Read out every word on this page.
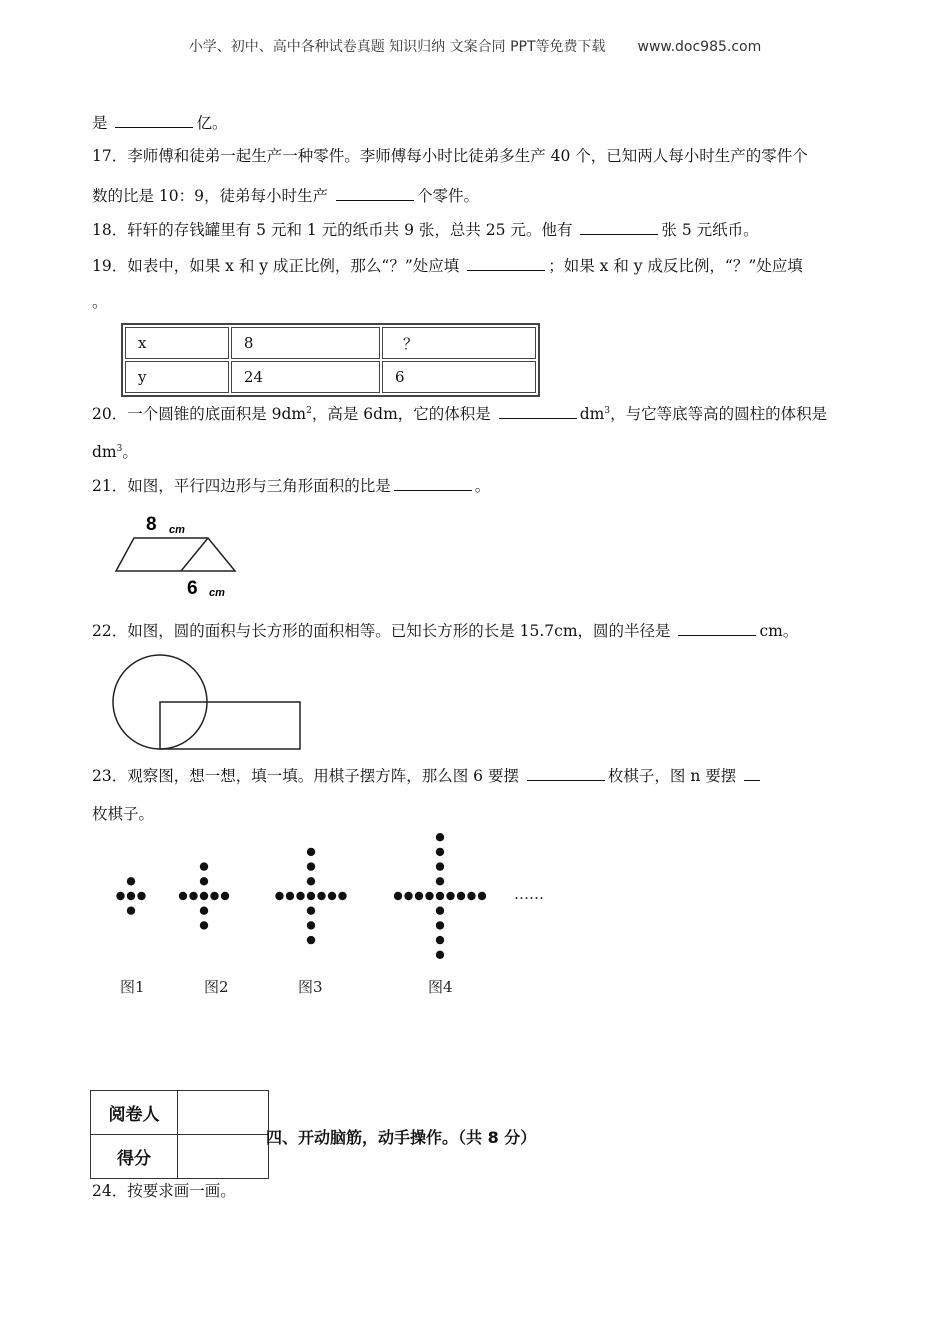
小学、初中、高中各种试卷真题 知识归纳 文案合同 PPT等免费下载 www.doc985.com
是	亿。
17．李师傅和徒弟一起生产一种零件。李师傅每小时比徒弟多生产 40 个，已知两人每小时生产的零件个
数的比是 10：9，徒弟每小时生产	个零件。
18．轩轩的存钱罐里有 5 元和 1 元的纸币共 9 张，总共 25 元。他有	张 5 元纸币。
19．如表中，如果 x 和 y 成正比例，那么“？”处应填	；如果 x 和 y 成反比例，“？”处应填
。
x	8	？
y	24	6
20．一个圆锥的底面积是 $9dm^2$，高是 6dm，它的体积是	$dm^3$，与它等底等高的圆柱的体积是
$dm^3$。
21．如图，平行四边形与三角形面积的比是	。
8 cm
6 cm
22．如图，圆的面积与长方形的面积相等。已知长方形的长是 15.7cm，圆的半径是	cm。
23．观察图，想一想，填一填。用棋子摆方阵，那么图 6 要摆	枚棋子，图 n 要摆
枚棋子。
……
图1	图2	图3	图4
阅卷人	
得分	
四、开动脑筋，动手操作。（共 8 分）
24．按要求画一画。
